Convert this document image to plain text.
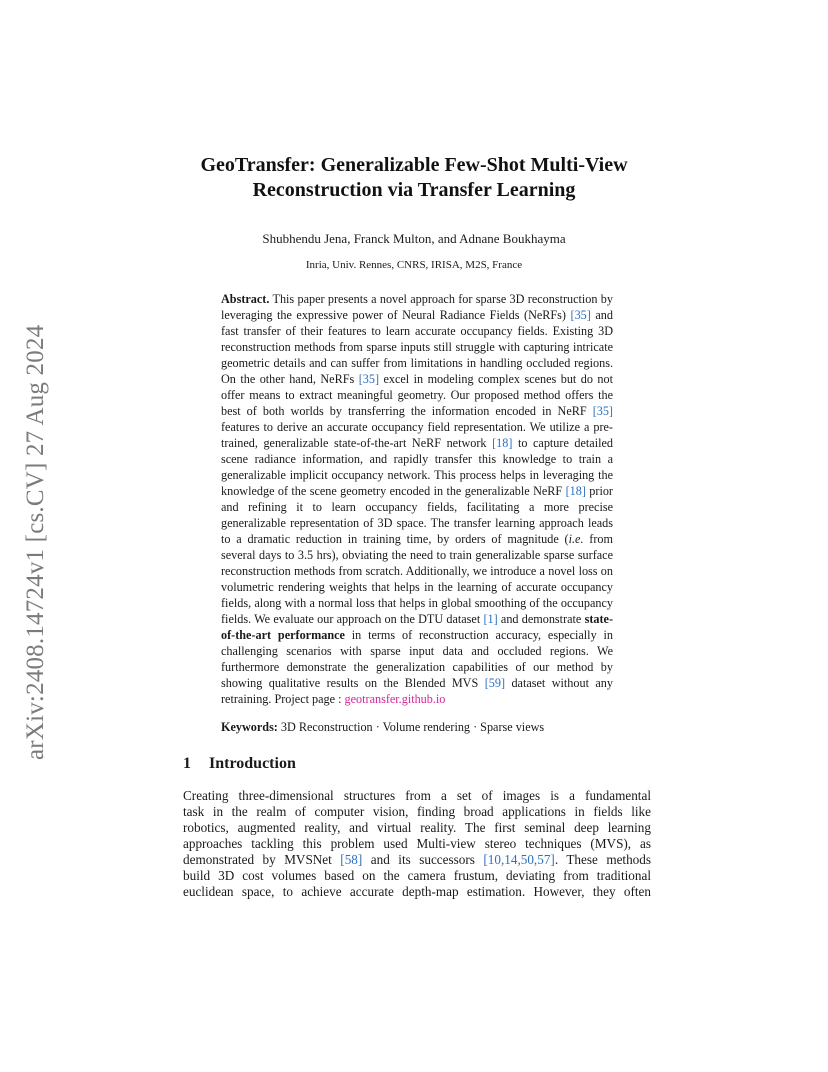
arXiv:2408.14724v1 [cs.CV] 27 Aug 2024
GeoTransfer: Generalizable Few-Shot Multi-View
Reconstruction via Transfer Learning
Shubhendu Jena, Franck Multon, and Adnane Boukhayma
Inria, Univ. Rennes, CNRS, IRISA, M2S, France
Abstract. This paper presents a novel approach for sparse 3D reconstruction by leveraging the expressive power of Neural Radiance Fields (NeRFs) [35] and fast transfer of their features to learn accurate occupancy fields. Existing 3D reconstruction methods from sparse inputs still struggle with capturing intricate geometric details and can suffer from limitations in handling occluded regions. On the other hand, NeRFs [35] excel in modeling complex scenes but do not offer means to extract meaningful geometry. Our proposed method offers the best of both worlds by transferring the information encoded in NeRF [35] features to derive an accurate occupancy field representation. We utilize a pre-trained, generalizable state-of-the-art NeRF network [18] to capture detailed scene radiance information, and rapidly transfer this knowledge to train a generalizable implicit occupancy network. This process helps in leveraging the knowledge of the scene geometry encoded in the generalizable NeRF [18] prior and refining it to learn occupancy fields, facilitating a more precise generalizable representation of 3D space. The transfer learning approach leads to a dramatic reduction in training time, by orders of magnitude (i.e. from several days to 3.5 hrs), obviating the need to train generalizable sparse surface reconstruction methods from scratch. Additionally, we introduce a novel loss on volumetric rendering weights that helps in the learning of accurate occupancy fields, along with a normal loss that helps in global smoothing of the occupancy fields. We evaluate our approach on the DTU dataset [1] and demonstrate state-of-the-art performance in terms of reconstruction accuracy, especially in challenging scenarios with sparse input data and occluded regions. We furthermore demonstrate the generalization capabilities of our method by showing qualitative results on the Blended MVS [59] dataset without any retraining. Project page : geotransfer.github.io
Keywords: 3D Reconstruction · Volume rendering · Sparse views
1 Introduction
Creating three-dimensional structures from a set of images is a fundamental
task in the realm of computer vision, finding broad applications in fields like
robotics, augmented reality, and virtual reality. The first seminal deep learning
approaches tackling this problem used Multi-view stereo techniques (MVS), as
demonstrated by MVSNet [58] and its successors [10,14,50,57]. These methods
build 3D cost volumes based on the camera frustum, deviating from traditional
euclidean space, to achieve accurate depth-map estimation. However, they often
